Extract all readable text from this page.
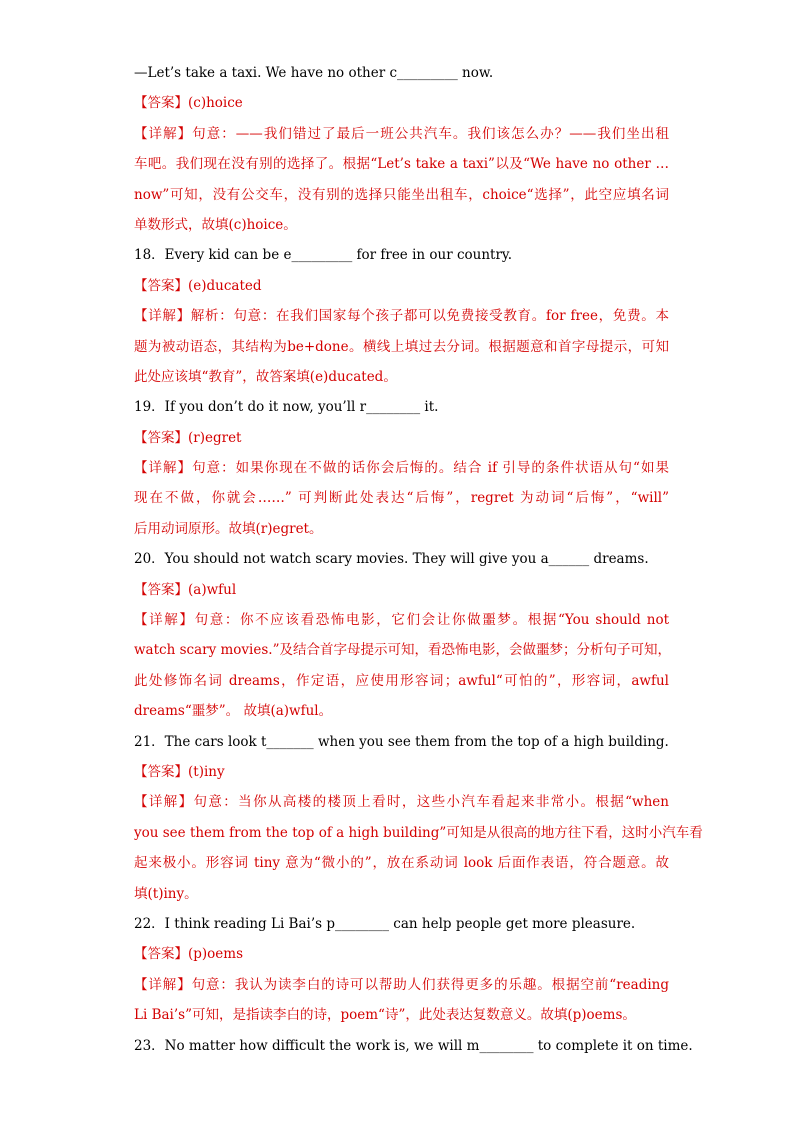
—Let’s take a taxi. We have no other c_________ now.
【答案】(c)hoice
【详解】句意：——我们错过了最后一班公共汽车。我们该怎么办？——我们坐出租
车吧。我们现在没有别的选择了。根据“Let’s take a taxi”以及“We have no other …
now”可知，没有公交车，没有别的选择只能坐出租车，choice“选择”，此空应填名词
单数形式，故填(c)hoice。
18．Every kid can be e_________ for free in our country.
【答案】(e)ducated
【详解】解析：句意：在我们国家每个孩子都可以免费接受教育。for free，免费。本
题为被动语态，其结构为be+done。横线上填过去分词。根据题意和首字母提示，可知
此处应该填“教育”，故答案填(e)ducated。
19．If you don’t do it now, you’ll r________ it.
【答案】(r)egret
【详解】句意：如果你现在不做的话你会后悔的。结合 if 引导的条件状语从句“如果
现在不做，你就会……” 可判断此处表达“后悔”，regret 为动词“后悔”，“will”
后用动词原形。故填(r)egret。
20．You should not watch scary movies. They will give you a______ dreams.
【答案】(a)wful
【详解】句意：你不应该看恐怖电影，它们会让你做噩梦。根据“You should not
watch scary movies.”及结合首字母提示可知，看恐怖电影，会做噩梦；分析句子可知，
此处修饰名词 dreams，作定语，应使用形容词；awful“可怕的”，形容词，awful
dreams“噩梦”。 故填(a)wful。
21．The cars look t_______ when you see them from the top of a high building.
【答案】(t)iny
【详解】句意：当你从高楼的楼顶上看时，这些小汽车看起来非常小。根据“when
you see them from the top of a high building”可知是从很高的地方往下看，这时小汽车看
起来极小。形容词 tiny 意为“微小的”，放在系动词 look 后面作表语，符合题意。故
填(t)iny。
22．I think reading Li Bai’s p________ can help people get more pleasure.
【答案】(p)oems
【详解】句意：我认为读李白的诗可以帮助人们获得更多的乐趣。根据空前“reading
Li Bai’s”可知，是指读李白的诗，poem“诗”，此处表达复数意义。故填(p)oems。
23．No matter how difficult the work is, we will m________ to complete it on time.
